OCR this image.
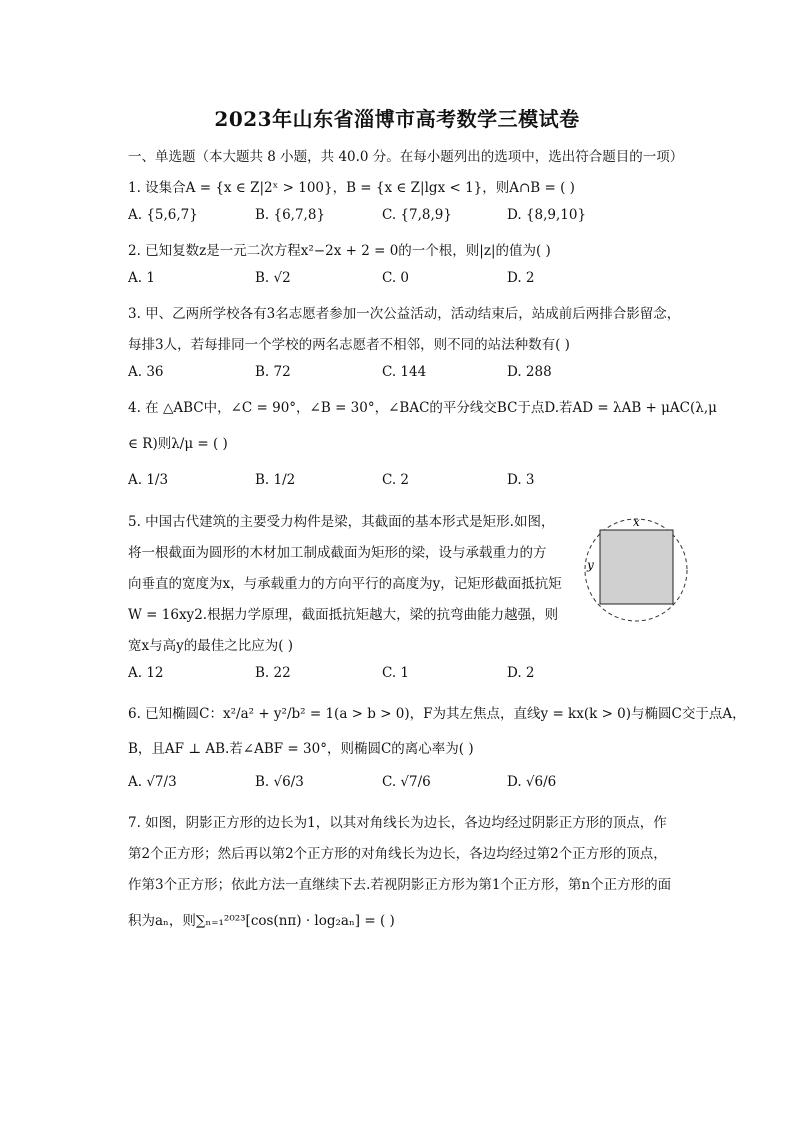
2023年山东省淄博市高考数学三模试卷
一、单选题（本大题共 8 小题，共 40.0 分。在每小题列出的选项中，选出符合题目的一项）
1. 设集合A = {x ∈ Z|2ˣ > 100}，B = {x ∈ Z|lgx < 1}，则A∩B = ( )
A. {5,6,7}	B. {6,7,8}	C. {7,8,9}	D. {8,9,10}
2. 已知复数z是一元二次方程x²−2x + 2 = 0的一个根，则|z|的值为( )
A. 1	B. √2	C. 0	D. 2
3. 甲、乙两所学校各有3名志愿者参加一次公益活动，活动结束后，站成前后两排合影留念，
每排3人，若每排同一个学校的两名志愿者不相邻，则不同的站法种数有( )
A. 36	B. 72	C. 144	D. 288
4. 在 △ABC中，∠C = 90°，∠B = 30°，∠BAC的平分线交BC于点D.若AD = λAB + μAC(λ,μ
∈ R)则λ/μ = ( )
A. 1/3	B. 1/2	C. 2	D. 3
5. 中国古代建筑的主要受力构件是梁，其截面的基本形式是矩形.如图，
将一根截面为圆形的木材加工制成截面为矩形的梁，设与承载重力的方
向垂直的宽度为x，与承载重力的方向平行的高度为y，记矩形截面抵抗矩
W = 16xy2.根据力学原理，截面抵抗矩越大，梁的抗弯曲能力越强，则
宽x与高y的最佳之比应为( )
A. 12	B. 22	C. 1	D. 2
x
y
6. 已知椭圆C：x²/a² + y²/b² = 1(a > b > 0)，F为其左焦点，直线y = kx(k > 0)与椭圆C交于点A，
B，且AF ⊥ AB.若∠ABF = 30°，则椭圆C的离心率为( )
A. √7/3	B. √6/3	C. √7/6	D. √6/6
7. 如图，阴影正方形的边长为1，以其对角线长为边长，各边均经过阴影正方形的顶点，作
第2个正方形；然后再以第2个正方形的对角线长为边长，各边均经过第2个正方形的顶点，
作第3个正方形；依此方法一直继续下去.若视阴影正方形为第1个正方形，第n个正方形的面
积为aₙ，则∑ₙ₌₁²⁰²³[cos(nπ) · log₂aₙ] = ( )
